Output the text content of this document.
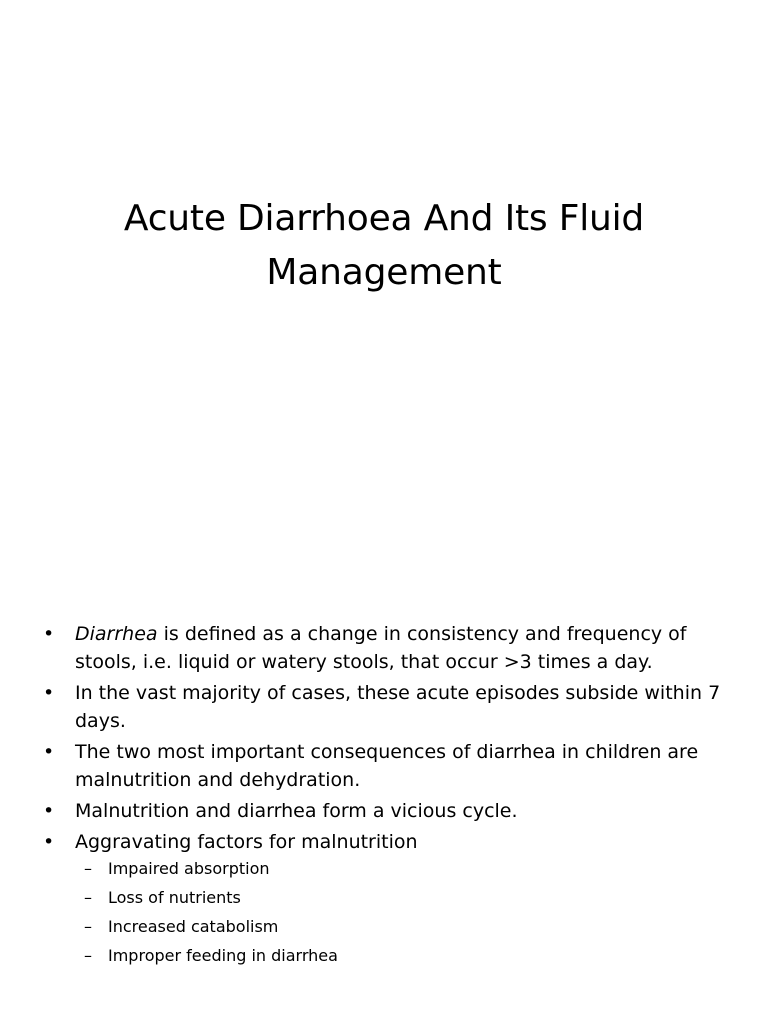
Acute Diarrhoea And Its Fluid Management
•	Diarrhea is defined as a change in consistency and frequency of stools, i.e. liquid or watery stools, that occur >3 times a day.
•	In the vast majority of cases, these acute episodes subside within 7 days.
•	The two most important consequences of diarrhea in children are malnutrition and dehydration.
•	Malnutrition and diarrhea form a vicious cycle.
•	Aggravating factors for malnutrition
– Impaired absorption
– Loss of nutrients
– Increased catabolism
– Improper feeding in diarrhea
